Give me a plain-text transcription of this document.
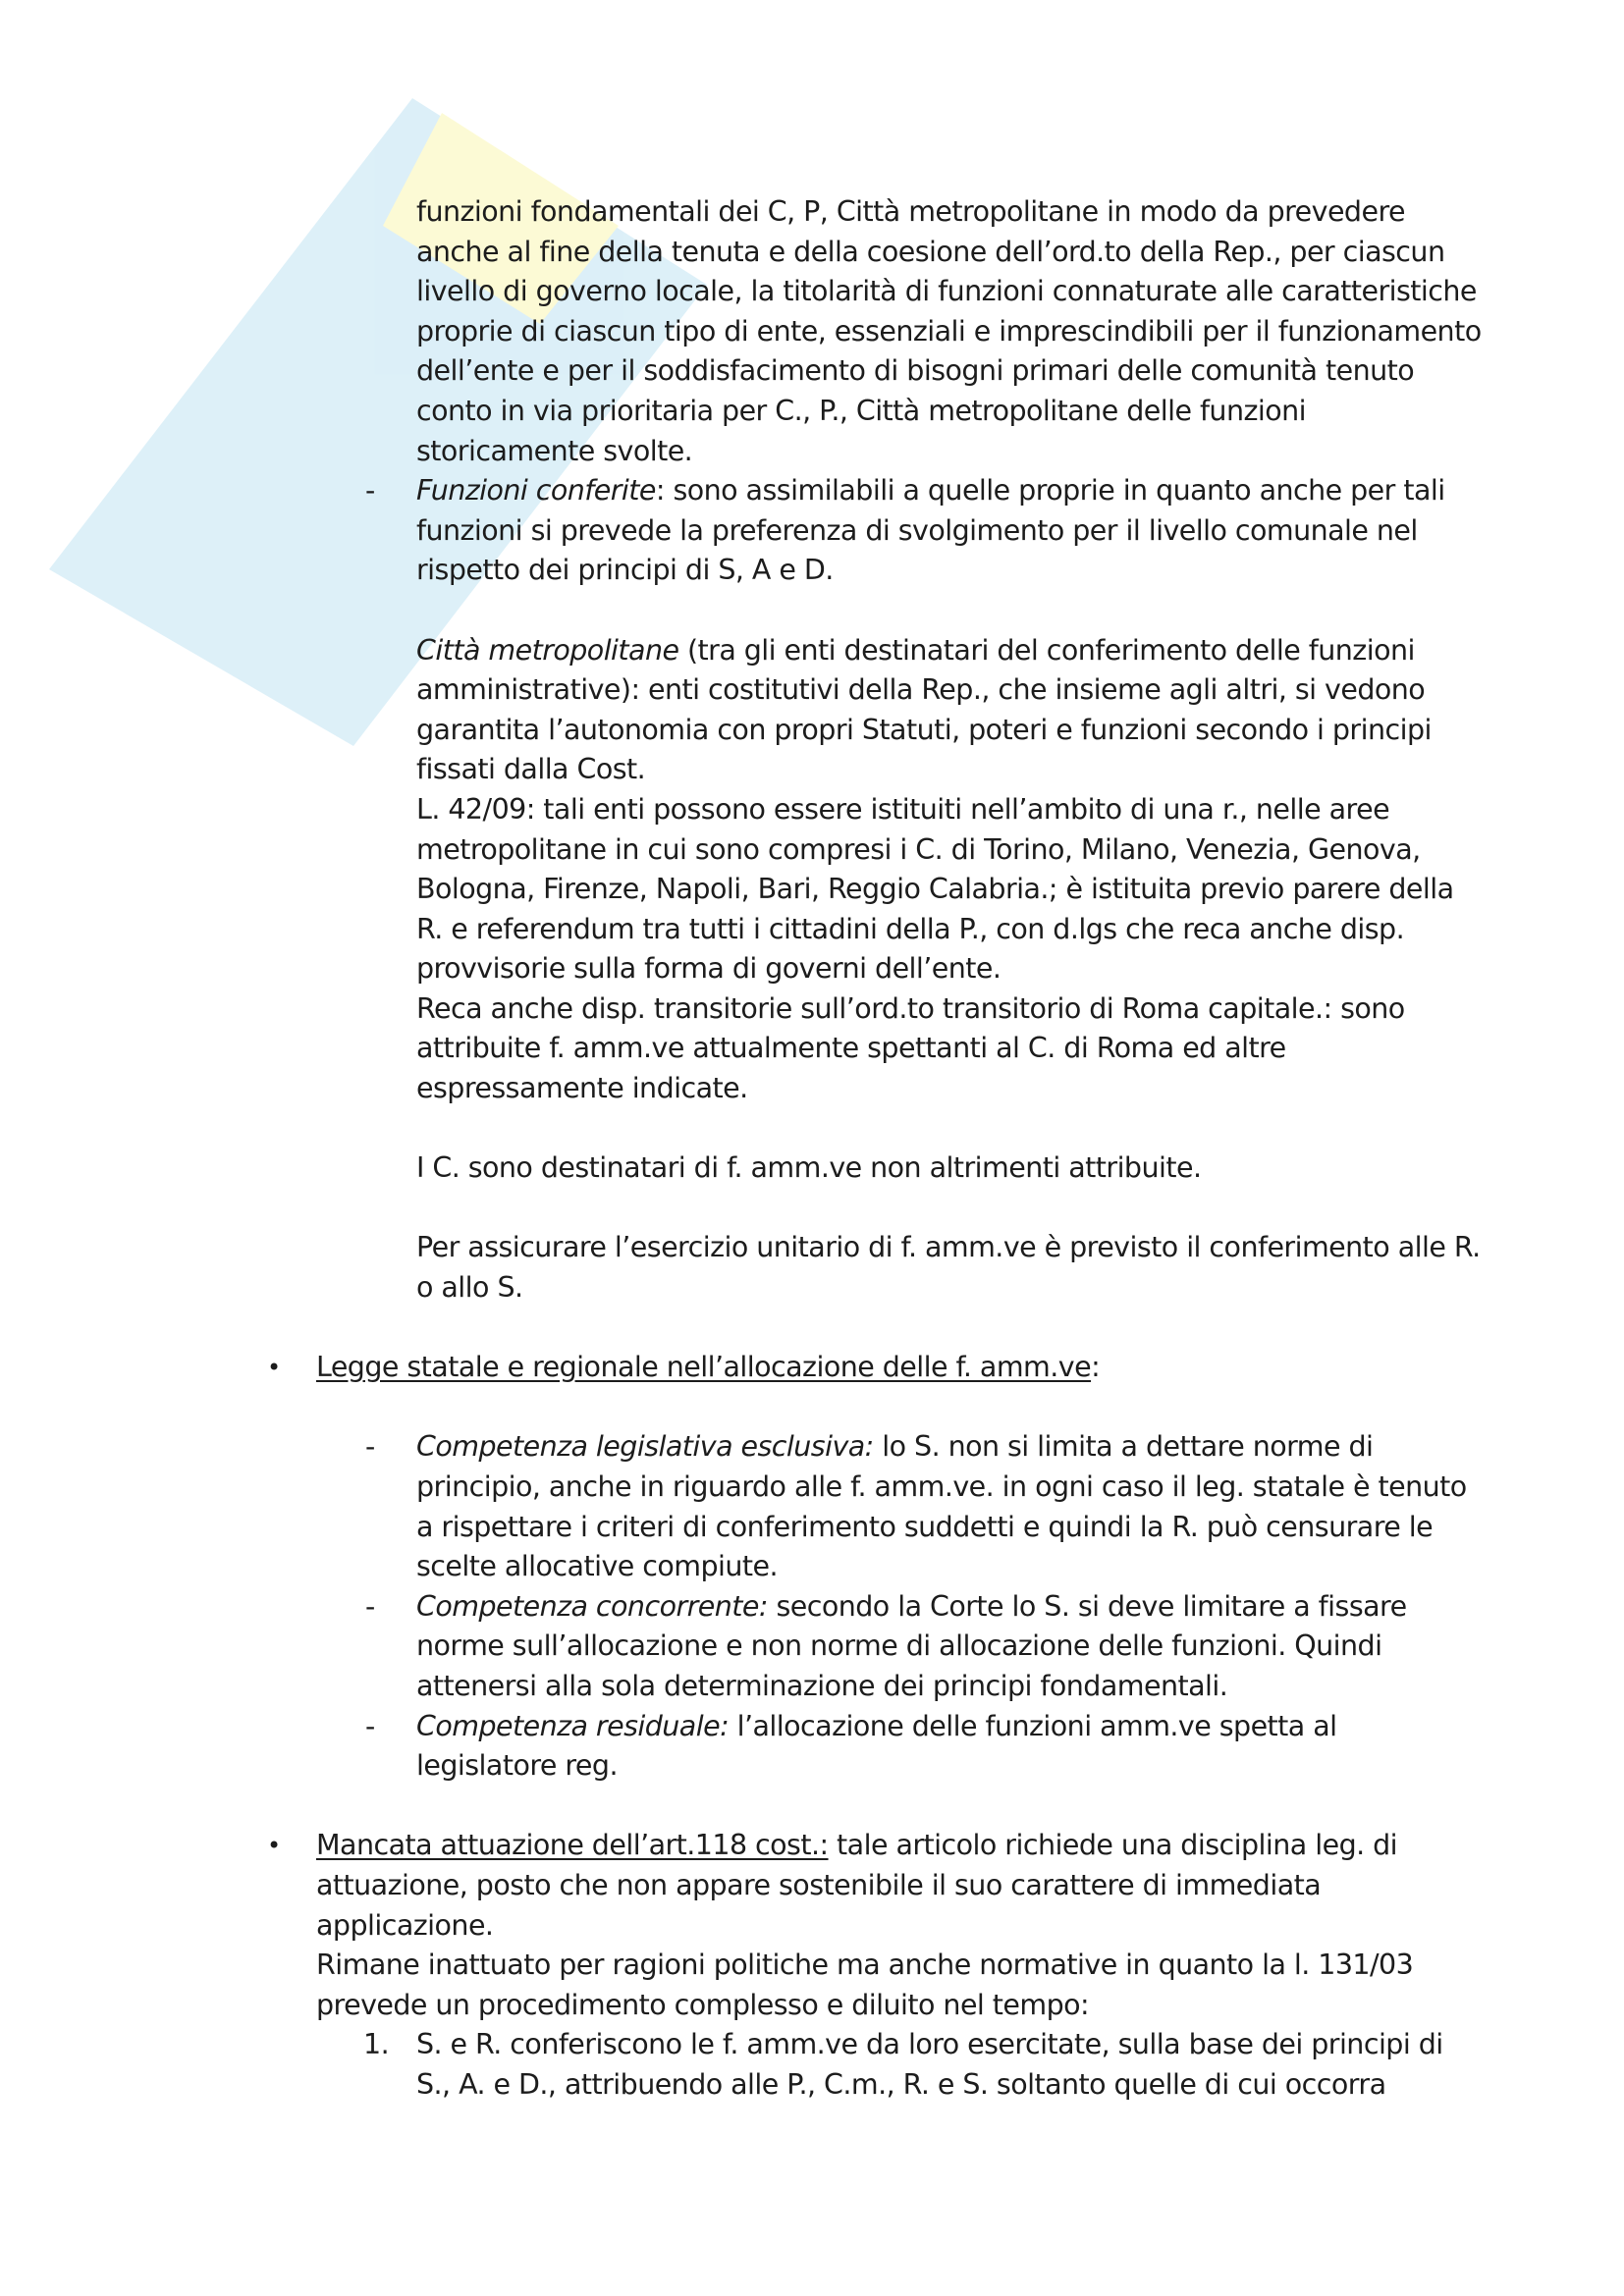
funzioni fondamentali dei C, P, Città metropolitane in modo da prevedere anche al fine della tenuta e della coesione dell’ord.to della Rep., per ciascun livello di governo locale, la titolarità di funzioni connaturate alle caratteristiche proprie di ciascun tipo di ente, essenziali e imprescindibili per il funzionamento dell’ente e per il soddisfacimento di bisogni primari delle comunità tenuto conto in via prioritaria per C., P., Città metropolitane delle funzioni storicamente svolte.

- Funzioni conferite: sono assimilabili a quelle proprie in quanto anche per tali funzioni si prevede la preferenza di svolgimento per il livello comunale nel rispetto dei principi di S, A e D.

Città metropolitane (tra gli enti destinatari del conferimento delle funzioni amministrative): enti costitutivi della Rep., che insieme agli altri, si vedono garantita l’autonomia con propri Statuti, poteri e funzioni secondo i principi fissati dalla Cost.

L. 42/09: tali enti possono essere istituiti nell’ambito di una r., nelle aree metropolitane in cui sono compresi i C. di Torino, Milano, Venezia, Genova, Bologna, Firenze, Napoli, Bari, Reggio Calabria.; è istituita previo parere della R. e referendum tra tutti i cittadini della P., con d.lgs che reca anche disp. provvisorie sulla forma di governi dell’ente.

Reca anche disp. transitorie sull’ord.to transitorio di Roma capitale.: sono attribuite f. amm.ve attualmente spettanti al C. di Roma ed altre espressamente indicate.

I C. sono destinatari di f. amm.ve non altrimenti attribuite.

Per assicurare l’esercizio unitario di f. amm.ve è previsto il conferimento alle R. o allo S.

• Legge statale e regionale nell’allocazione delle f. amm.ve:
- Competenza legislativa esclusiva: lo S. non si limita a dettare norme di principio, anche in riguardo alle f. amm.ve. in ogni caso il leg. statale è tenuto a rispettare i criteri di conferimento suddetti e quindi la R. può censurare le scelte allocative compiute.
- Competenza concorrente: secondo la Corte lo S. si deve limitare a fissare norme sull’allocazione e non norme di allocazione delle funzioni. Quindi attenersi alla sola determinazione dei principi fondamentali.
- Competenza residuale: l’allocazione delle funzioni amm.ve spetta al legislatore reg.
• Mancata attuazione dell’art.118 cost.: tale articolo richiede una disciplina leg. di attuazione, posto che non appare sostenibile il suo carattere di immediata applicazione.

Rimane inattuato per ragioni politiche ma anche normative in quanto la l. 131/03 prevede un procedimento complesso e diluito nel tempo:

1. S. e R. conferiscono le f. amm.ve da loro esercitate, sulla base dei principi di S., A. e D., attribuendo alle P., C.m., R. e S. soltanto quelle di cui occorra
